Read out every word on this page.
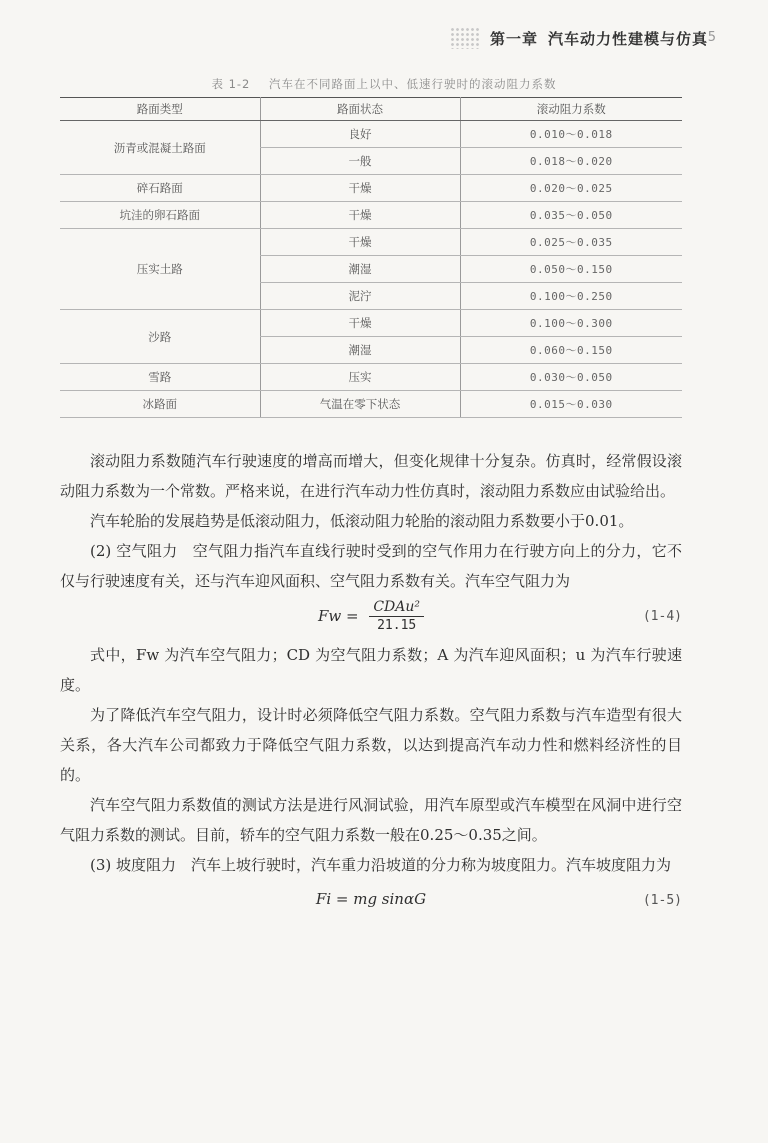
第一章 汽车动力性建模与仿真 5
表 1-2 汽车在不同路面上以中、低速行驶时的滚动阻力系数
路面类型	路面状态	滚动阻力系数
沥青或混凝土路面	良好	0.010～0.018
	一般	0.018～0.020
碎石路面	干燥	0.020～0.025
坑洼的卵石路面	干燥	0.035～0.050
压实土路	干燥	0.025～0.035
	潮湿	0.050～0.150
	泥泞	0.100～0.250
沙路	干燥	0.100～0.300
	潮湿	0.060～0.150
雪路	压实	0.030～0.050
冰路面	气温在零下状态	0.015～0.030

滚动阻力系数随汽车行驶速度的增高而增大，但变化规律十分复杂。仿真时，经常假设滚动阻力系数为一个常数。严格来说，在进行汽车动力性仿真时，滚动阻力系数应由试验给出。

汽车轮胎的发展趋势是低滚动阻力，低滚动阻力轮胎的滚动阻力系数要小于0.01。

(2) 空气阻力　空气阻力指汽车直线行驶时受到的空气作用力在行驶方向上的分力，它不仅与行驶速度有关，还与汽车迎风面积、空气阻力系数有关。汽车空气阻力为

$Fw = \frac{\text{CDAu²}}{21.15}$	(1-4)

式中，Fw 为汽车空气阻力；CD 为空气阻力系数；A 为汽车迎风面积；u 为汽车行驶速度。

为了降低汽车空气阻力，设计时必须降低空气阻力系数。空气阻力系数与汽车造型有很大关系，各大汽车公司都致力于降低空气阻力系数，以达到提高汽车动力性和燃料经济性的目的。

汽车空气阻力系数值的测试方法是进行风洞试验，用汽车原型或汽车模型在风洞中进行空气阻力系数的测试。目前，轿车的空气阻力系数一般在0.25～0.35之间。

(3) 坡度阻力　汽车上坡行驶时，汽车重力沿坡道的分力称为坡度阻力。汽车坡度阻力为

Fi = mg sinαG	(1-5)
